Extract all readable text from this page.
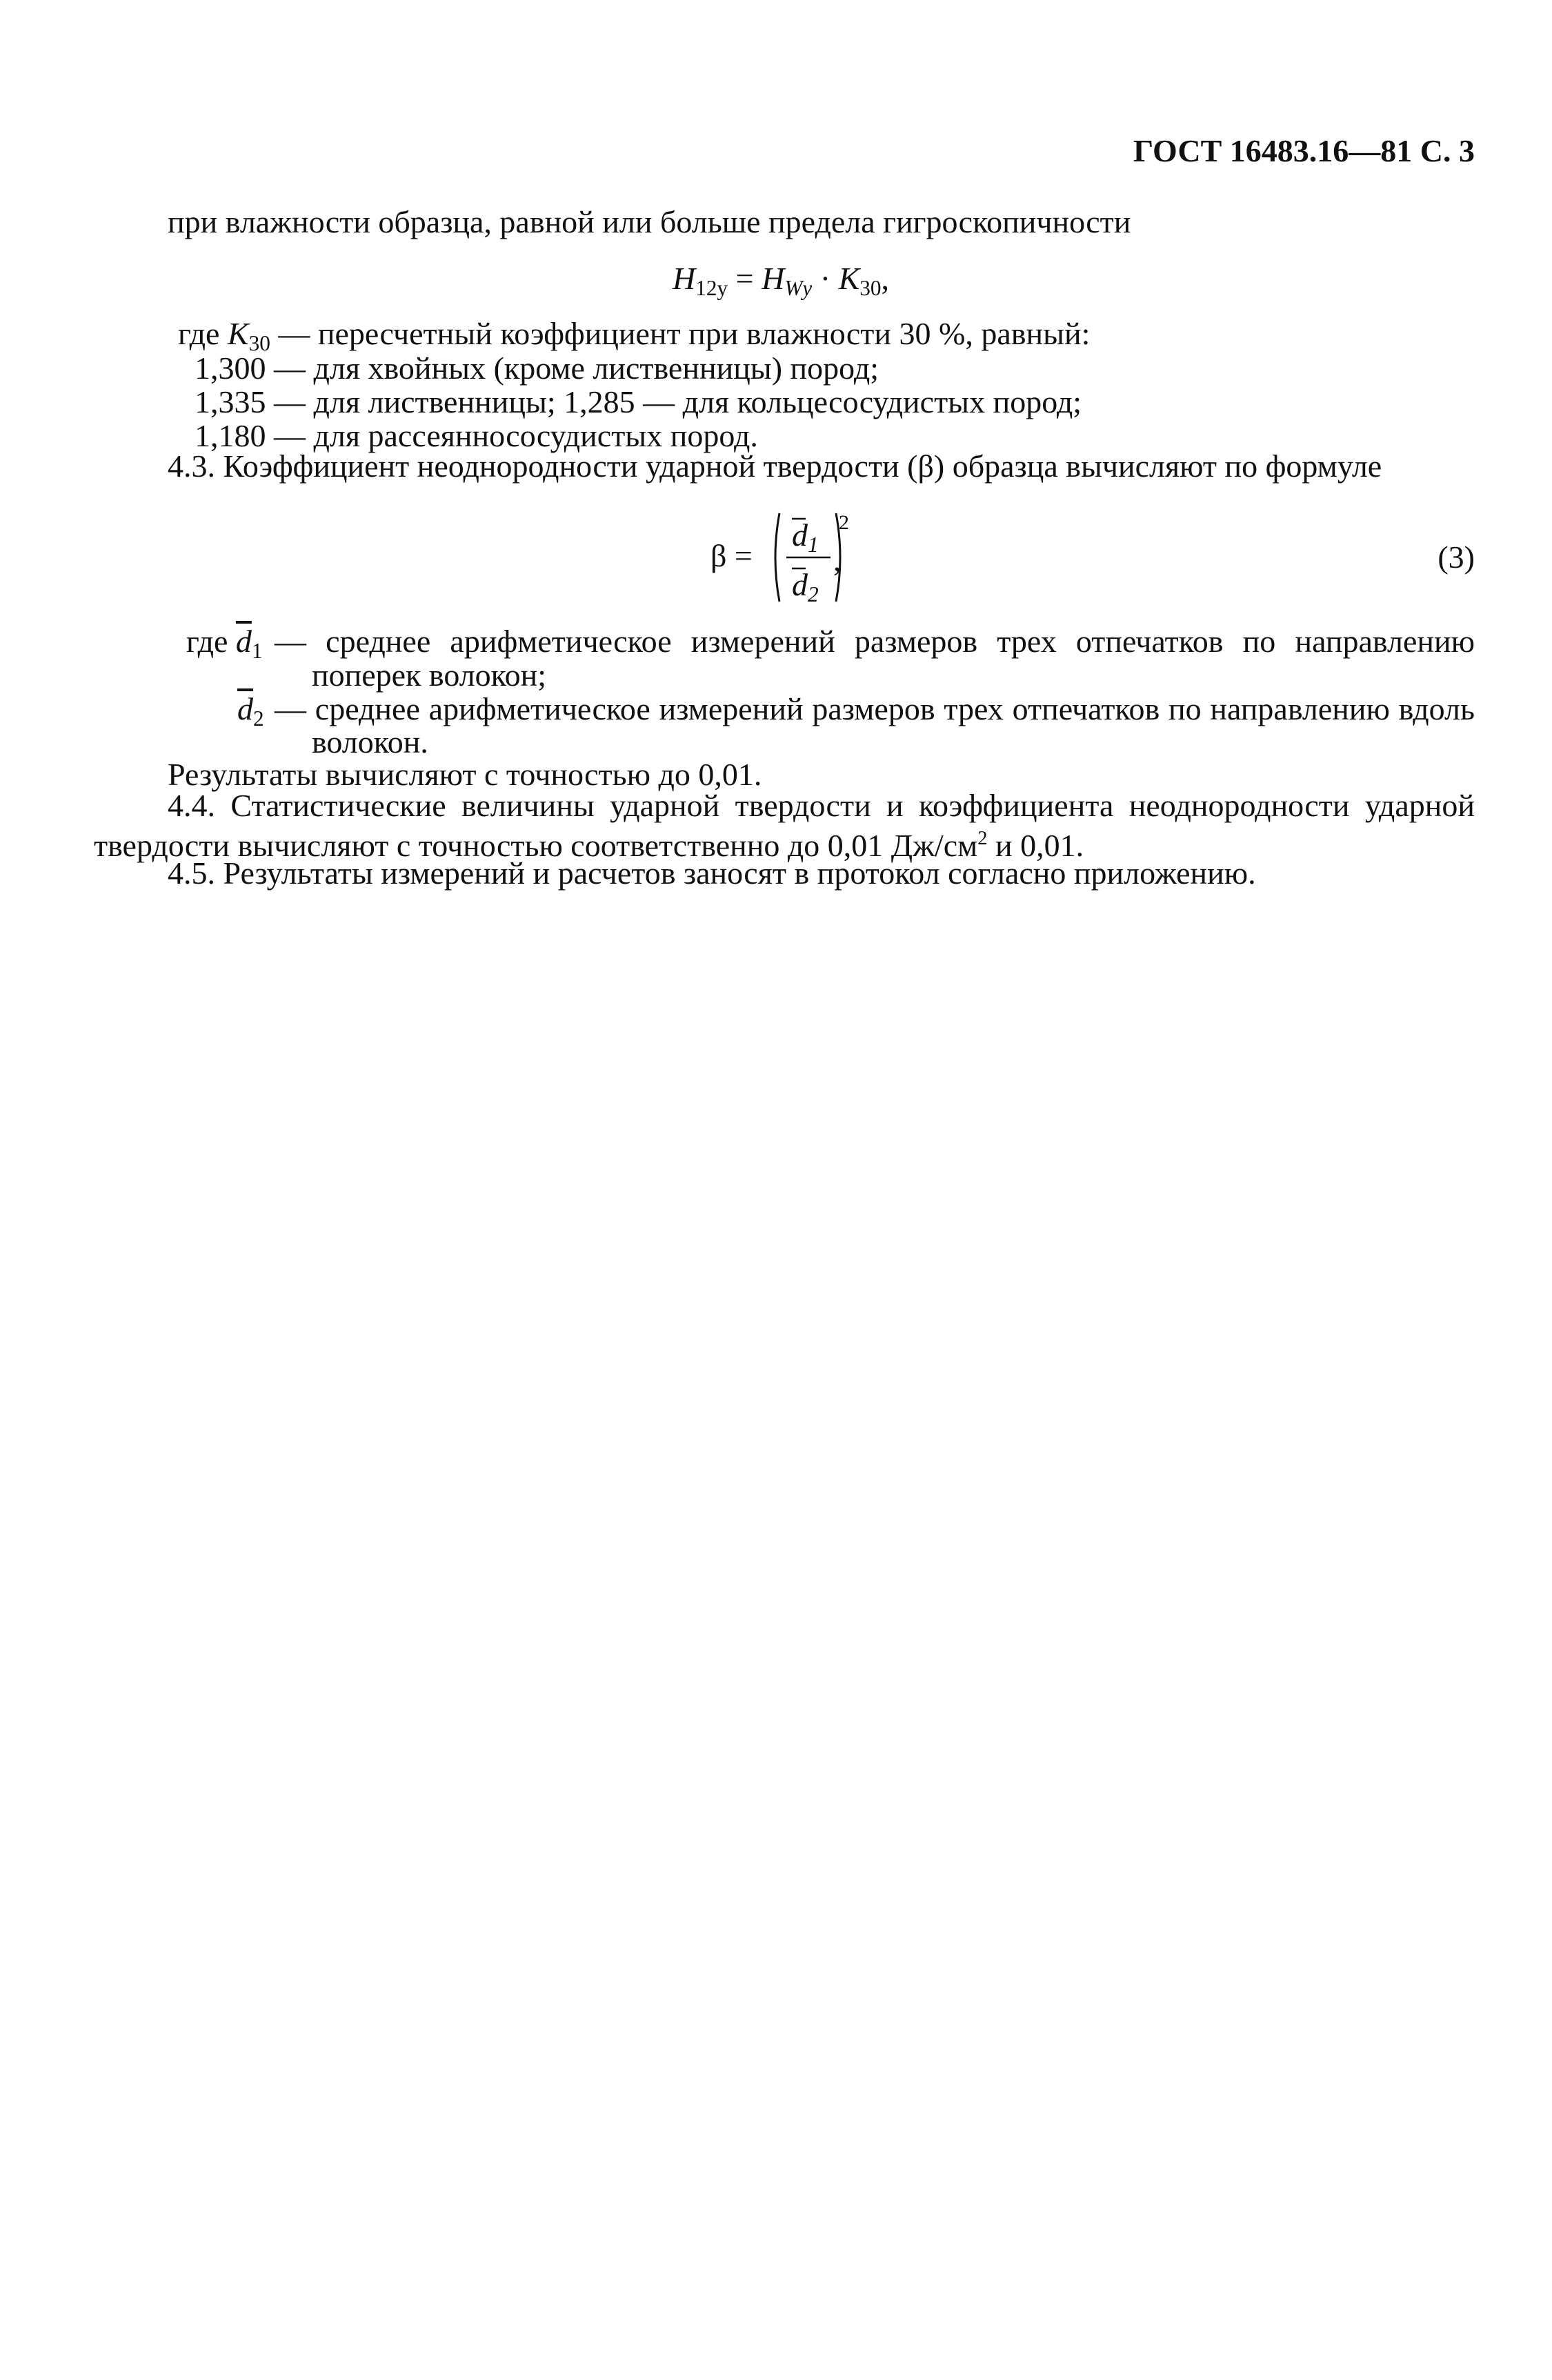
ГОСТ 16483.16—81 С. 3
при влажности образца, равной или больше предела гигроскопичности
$H_{12у} = H_{Wу} \cdot K_{30}$,
где $K_{30}$ — пересчетный коэффициент при влажности 30 %, равный:
1,300 — для хвойных (кроме лиственницы) пород;
1,335 — для лиственницы; 1,285 — для кольцесосудистых пород;
1,180 — для рассеяннососудистых пород.
4.3. Коэффициент неоднородности ударной твердости (β) образца вычисляют по формуле
β =
$d_1$
$d_2$
2
,	(3)
где $\overline{d}_1$ — среднее арифметическое измерений размеров трех отпечатков по направлению
поперек волокон;
$\overline{d}_2$ — среднее арифметическое измерений размеров трех отпечатков по направлению вдоль
волокон.
Результаты вычисляют с точностью до 0,01.
4.4. Статистические величины ударной твердости и коэффициента неоднородности ударной
твердости вычисляют с точностью соответственно до 0,01 $Дж/см^2$ и 0,01.
4.5. Результаты измерений и расчетов заносят в протокол согласно приложению.
